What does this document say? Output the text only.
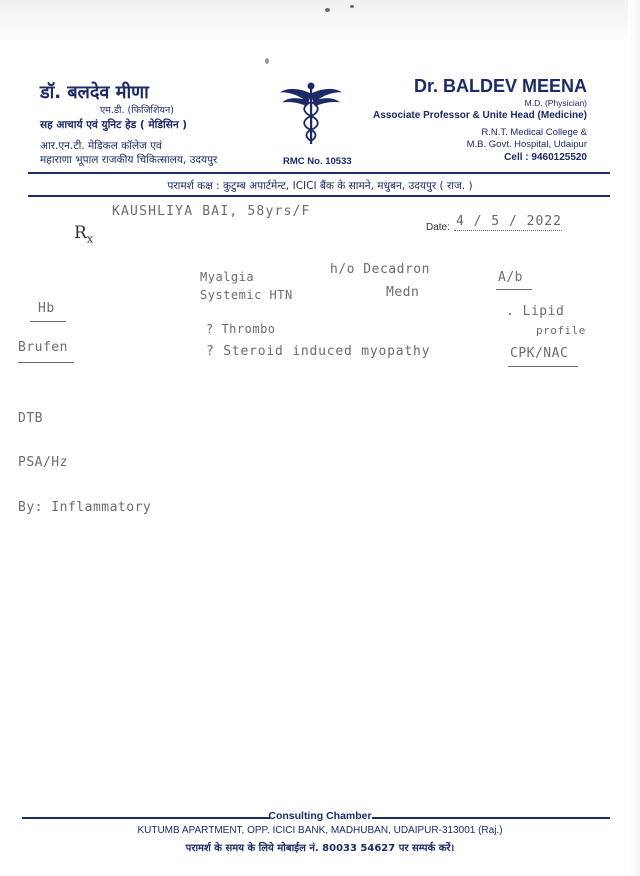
डॉ. बलदेव मीणा

एम.डी. (फिजिशियन)

सह आचार्य एवं युनिट हेड ( मेडिसिन )

आर.एन.टी. मेडिकल कॉलेज एवं

महाराणा भूपाल राजकीय चिकित्सालय, उदयपुर	RMC No. 10533

Dr. BALDEV MEENA

M.D. (Physician)

Associate Professor & Unite Head (Medicine)

R.N.T. Medical College &

M.B. Govt. Hospital, Udaipur

Cell : 9460125520

परामर्श कक्ष : कुटुम्ब अपार्टमेन्ट, ICICI बैंक के सामने, मधुबन, उदयपुर ( राज. )

KAUSHLIYA BAI, 58yrs/F

$R_x$

Date: 4 / 5 / 2022

Hb

Brufen

DTB

PSA/Hz

By: Inflammatory

Myalgia

Systemic HTN

? Thrombo

? Steroid induced myopathy

h/o Decadron

Medn

A/b

. Lipid

profile

CPK/NAC

Consulting Chamber
KUTUMB APARTMENT, OPP. ICICI BANK, MADHUBAN, UDAIPUR-313001 (Raj.)
परामर्श के समय के लिये मोबाईल नं. 80033 54627 पर सम्पर्क करें।
